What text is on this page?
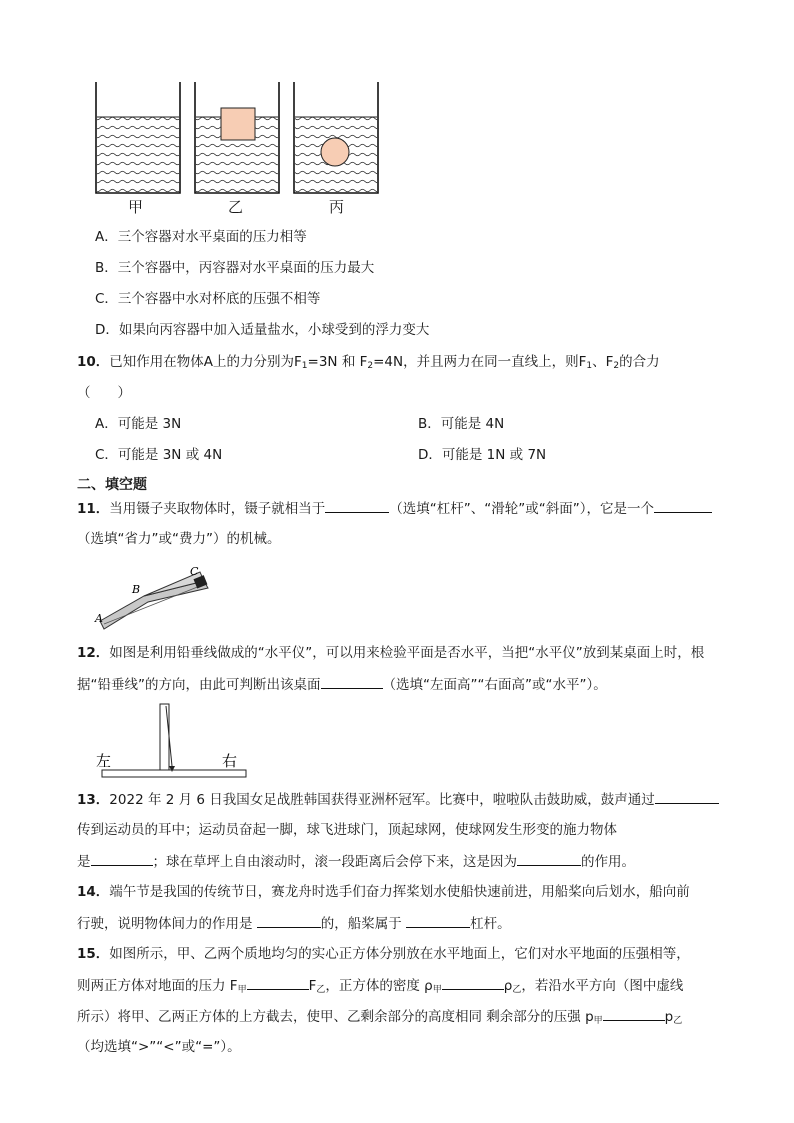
甲	乙	丙
A．三个容器对水平桌面的压力相等
B．三个容器中，丙容器对水平桌面的压力最大
C．三个容器中水对杯底的压强不相等
D．如果向丙容器中加入适量盐水，小球受到的浮力变大
10．已知作用在物体A上的力分别为$F_1=3N$ 和 $F_2=4N$，并且两力在同一直线上，则$F_1$、$F_2$的合力
（　　）
A．可能是 3N	B．可能是 4N
C．可能是 3N 或 4N	D．可能是 1N 或 7N
二、填空题
11．当用镊子夹取物体时，镊子就相当于	（选填“杠杆”、“滑轮”或“斜面”），它是一个
（选填“省力”或“费力”）的机械。
B
C
A
12．如图是利用铅垂线做成的“水平仪”，可以用来检验平面是否水平，当把“水平仪”放到某桌面上时，根
据“铅垂线”的方向，由此可判断出该桌面	（选填“左面高”“右面高”或“水平”）。
左	右
13．2022 年 2 月 6 日我国女足战胜韩国获得亚洲杯冠军。比赛中，啦啦队击鼓助威，鼓声通过
传到运动员的耳中；运动员奋起一脚，球飞进球门，顶起球网，使球网发生形变的施力物体
是	；球在草坪上自由滚动时，滚一段距离后会停下来，这是因为	的作用。
14．端午节是我国的传统节日，赛龙舟时选手们奋力挥桨划水使船快速前进，用船桨向后划水，船向前
行驶，说明物体间力的作用是	的，船桨属于	杠杆。
15．如图所示，甲、乙两个质地均匀的实心正方体分别放在水平地面上，它们对水平地面的压强相等，
则两正方体对地面的压力 $F_甲$	$F_乙$，正方体的密度 $\rho_甲$	$\rho_乙$，若沿水平方向（图中虚线
所示）将甲、乙两正方体的上方截去，使甲、乙剩余部分的高度相同 剩余部分的压强 $p_甲$	$p_乙$
（均选填“>”“<”或“=”）。
